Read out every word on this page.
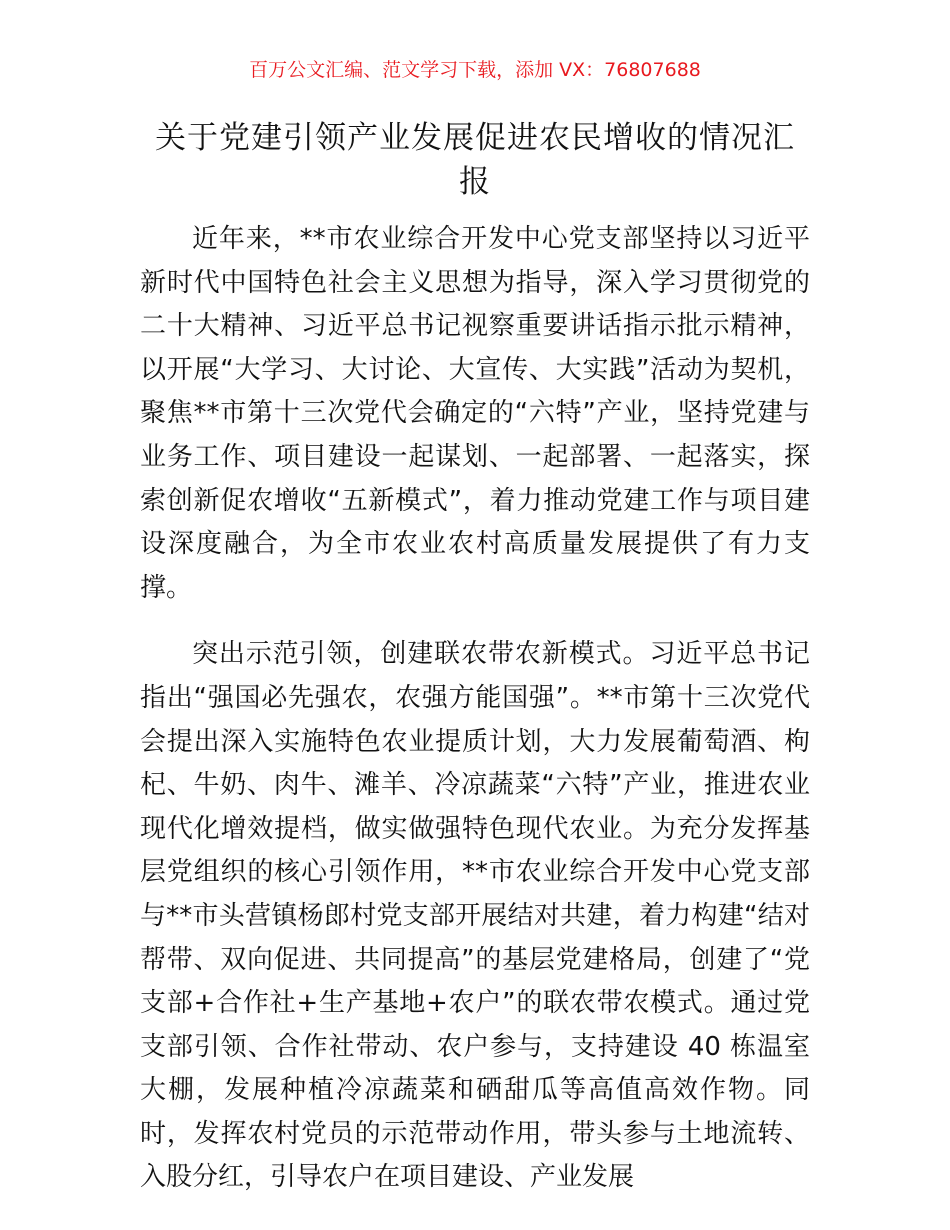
百万公文汇编、范文学习下载，添加 VX：76807688
关于党建引领产业发展促进农民增收的情况汇报

近年来，**市农业综合开发中心党支部坚持以习近平新时代中国特色社会主义思想为指导，深入学习贯彻党的二十大精神、习近平总书记视察重要讲话指示批示精神，以开展“大学习、大讨论、大宣传、大实践”活动为契机，聚焦**市第十三次党代会确定的“六特”产业，坚持党建与业务工作、项目建设一起谋划、一起部署、一起落实，探索创新促农增收“五新模式”，着力推动党建工作与项目建设深度融合，为全市农业农村高质量发展提供了有力支撑。

突出示范引领，创建联农带农新模式。习近平总书记指出“强国必先强农，农强方能国强”。**市第十三次党代会提出深入实施特色农业提质计划，大力发展葡萄酒、枸杞、牛奶、肉牛、滩羊、冷凉蔬菜“六特”产业，推进农业现代化增效提档，做实做强特色现代农业。为充分发挥基层党组织的核心引领作用，**市农业综合开发中心党支部与**市头营镇杨郎村党支部开展结对共建，着力构建“结对帮带、双向促进、共同提高”的基层党建格局，创建了“党支部+合作社+生产基地+农户”的联农带农模式。通过党支部引领、合作社带动、农户参与，支持建设 40 栋温室大棚，发展种植冷凉蔬菜和硒甜瓜等高值高效作物。同时，发挥农村党员的示范带动作用，带头参与土地流转、入股分红，引导农户在项目建设、产业发展
